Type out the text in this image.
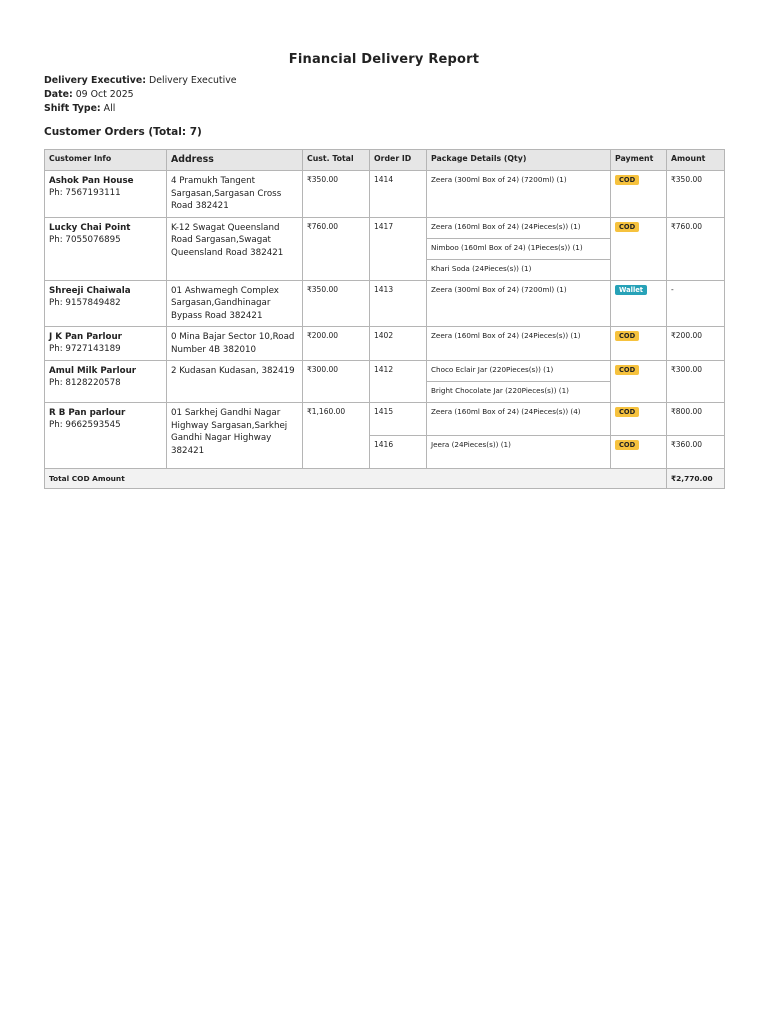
Financial Delivery Report
Delivery Executive: Delivery Executive
Date: 09 Oct 2025
Shift Type: All
Customer Orders (Total: 7)
Customer Info	Address	Cust. Total	Order ID	Package Details (Qty)	Payment	Amount

Ashok Pan House
Ph: 7567193111	4 Pramukh Tangent Sargasan,Sargasan Cross Road 382421	₹350.00	1414	Zeera (300ml Box of 24) (7200ml) (1)	COD	₹350.00

Lucky Chai Point
Ph: 7055076895	K-12 Swagat Queensland Road Sargasan,Swagat Queensland Road 382421	₹760.00	1417	Zeera (160ml Box of 24) (24Pieces(s)) (1)	COD	₹760.00
				Nimboo (160ml Box of 24) (1Pieces(s)) (1)		
				Khari Soda (24Pieces(s)) (1)		

Shreeji Chaiwala
Ph: 9157849482	01 Ashwamegh Complex Sargasan,Gandhinagar Bypass Road 382421	₹350.00	1413	Zeera (300ml Box of 24) (7200ml) (1)	Wallet	-

J K Pan Parlour
Ph: 9727143189	0 Mina Bajar Sector 10,Road Number 4B 382010	₹200.00	1402	Zeera (160ml Box of 24) (24Pieces(s)) (1)	COD	₹200.00

Amul Milk Parlour
Ph: 8128220578	2 Kudasan Kudasan, 382419	₹300.00	1412	Choco Eclair Jar (220Pieces(s)) (1)	COD	₹300.00
				Bright Chocolate Jar (220Pieces(s)) (1)		

R B Pan parlour
Ph: 9662593545	01 Sarkhej Gandhi Nagar Highway Sargasan,Sarkhej Gandhi Nagar Highway 382421	₹1,160.00	1415	Zeera (160ml Box of 24) (24Pieces(s)) (4)	COD	₹800.00
			1416	Jeera (24Pieces(s)) (1)	COD	₹360.00
Total COD Amount						₹2,770.00
